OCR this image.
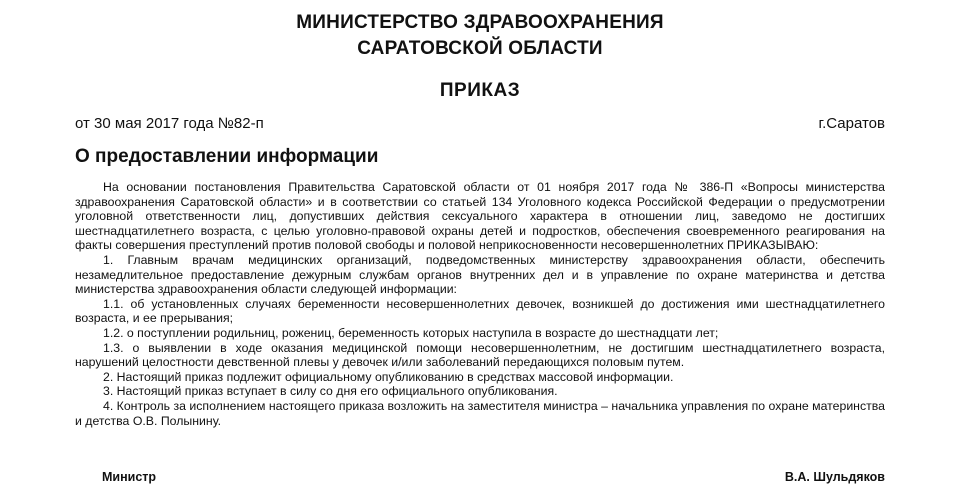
МИНИСТЕРСТВО ЗДРАВООХРАНЕНИЯ
САРАТОВСКОЙ ОБЛАСТИ
ПРИКАЗ
от 30 мая 2017 года №82-п	г.Саратов
О предоставлении информации

На основании постановления Правительства Саратовской области от 01 ноября 2017 года № 386-П «Вопросы министерства здравоохранения Саратовской области» и в соответствии со статьей 134 Уголовного кодекса Российской Федерации о предусмотрении уголовной ответственности лиц, допустивших действия сексуального характера в отношении лиц, заведомо не достигших шестнадцатилетнего возраста, с целью уголовно-правовой охраны детей и подростков, обеспечения своевременного реагирования на факты совершения преступлений против половой свободы и половой неприкосновенности несовершеннолетних ПРИКАЗЫВАЮ:

1. Главным врачам медицинских организаций, подведомственных министерству здравоохранения области, обеспечить незамедлительное предоставление дежурным службам органов внутренних дел и в управление по охране материнства и детства министерства здравоохранения области следующей информации:

1.1. об установленных случаях беременности несовершеннолетних девочек, возникшей до достижения ими шестнадцатилетнего возраста, и ее прерывания;

1.2. о поступлении родильниц, рожениц, беременность которых наступила в возрасте до шестнадцати лет;

1.3. о выявлении в ходе оказания медицинской помощи несовершеннолетним, не достигшим шестнадцатилетнего возраста, нарушений целостности девственной плевы у девочек и/или заболеваний передающихся половым путем.

2. Настоящий приказ подлежит официальному опубликованию в средствах массовой информации.

3. Настоящий приказ вступает в силу со дня его официального опубликования.

4. Контроль за исполнением настоящего приказа возложить на заместителя министра – начальника управления по охране материнства и детства О.В. Полынину.

Министр	В.А. Шульдяков
